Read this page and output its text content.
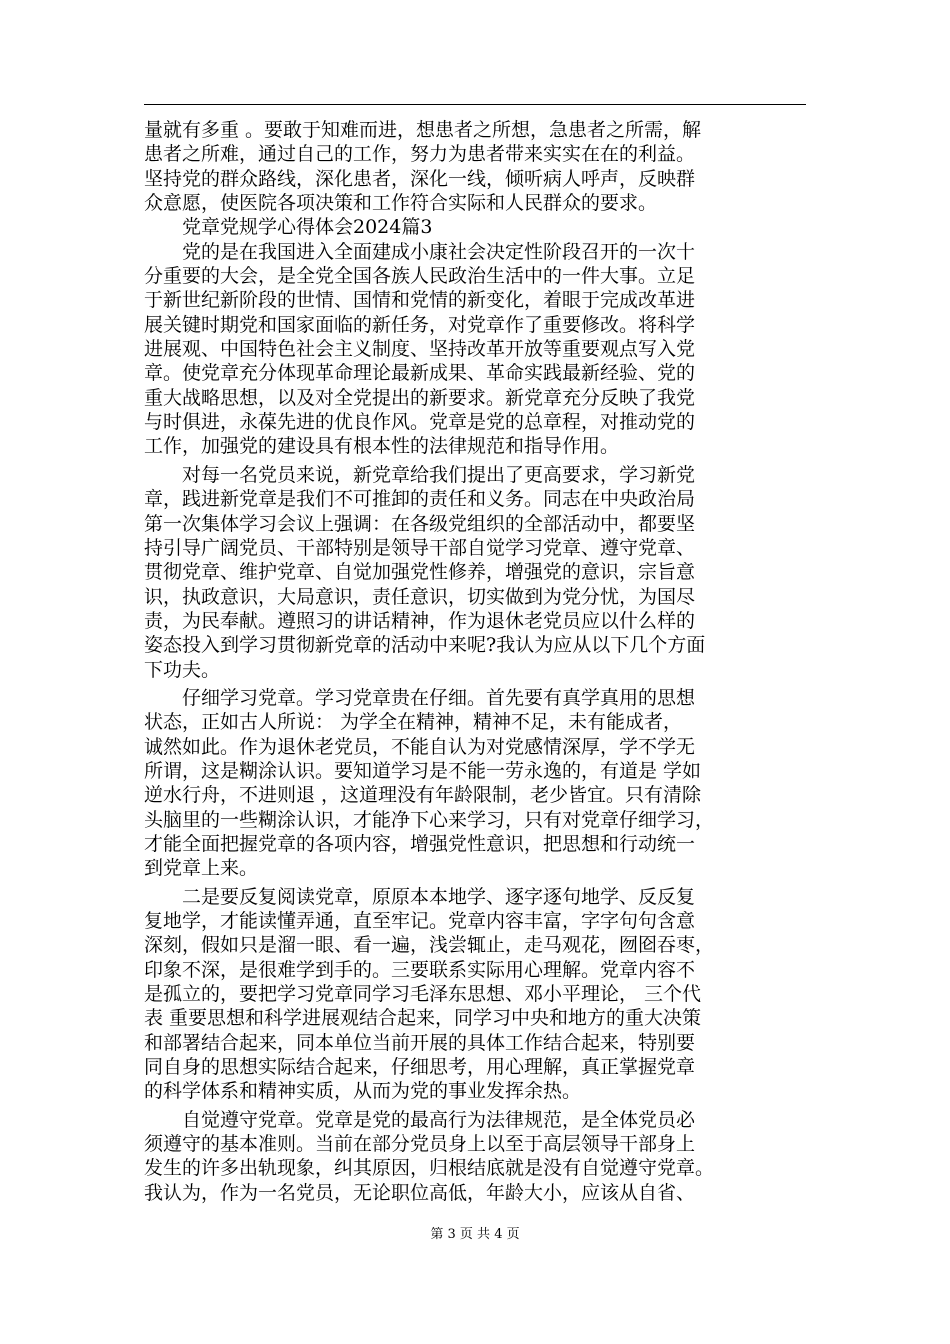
量就有多重 。要敢于知难而进，想患者之所想，急患者之所需，解
患者之所难，通过自己的工作，努力为患者带来实实在在的利益。
坚持党的群众路线，深化患者，深化一线，倾听病人呼声，反映群
众意愿，使医院各项决策和工作符合实际和人民群众的要求。
　　党章党规学心得体会2024篇3
　　党的是在我国进入全面建成小康社会决定性阶段召开的一次十
分重要的大会，是全党全国各族人民政治生活中的一件大事。立足
于新世纪新阶段的世情、国情和党情的新变化，着眼于完成改革进
展关键时期党和国家面临的新任务，对党章作了重要修改。将科学
进展观、中国特色社会主义制度、坚持改革开放等重要观点写入党
章。使党章充分体现革命理论最新成果、革命实践最新经验、党的
重大战略思想，以及对全党提出的新要求。新党章充分反映了我党
与时俱进，永葆先进的优良作风。党章是党的总章程，对推动党的
工作，加强党的建设具有根本性的法律规范和指导作用。
　　对每一名党员来说，新党章给我们提出了更高要求，学习新党
章，践进新党章是我们不可推卸的责任和义务。同志在中央政治局
第一次集体学习会议上强调：在各级党组织的全部活动中，都要坚
持引导广阔党员、干部特别是领导干部自觉学习党章、遵守党章、
贯彻党章、维护党章、自觉加强党性修养，增强党的意识，宗旨意
识，执政意识，大局意识，责任意识，切实做到为党分忧，为国尽
责，为民奉献。遵照习的讲话精神，作为退休老党员应以什么样的
姿态投入到学习贯彻新党章的活动中来呢?我认为应从以下几个方面
下功夫。
　　仔细学习党章。学习党章贵在仔细。首先要有真学真用的思想
状态，正如古人所说： 为学全在精神，精神不足，未有能成者，
诚然如此。作为退休老党员，不能自认为对党感情深厚，学不学无
所谓，这是糊涂认识。要知道学习是不能一劳永逸的，有道是 学如
逆水行舟，不进则退 ，这道理没有年龄限制，老少皆宜。只有清除
头脑里的一些糊涂认识，才能净下心来学习，只有对党章仔细学习，
才能全面把握党章的各项内容，增强党性意识，把思想和行动统一
到党章上来。
　　二是要反复阅读党章，原原本本地学、逐字逐句地学、反反复
复地学，才能读懂弄通，直至牢记。党章内容丰富，字字句句含意
深刻，假如只是溜一眼、看一遍，浅尝辄止，走马观花，囫囵吞枣，
印象不深，是很难学到手的。三要联系实际用心理解。党章内容不
是孤立的，要把学习党章同学习毛泽东思想、邓小平理论， 三个代
表 重要思想和科学进展观结合起来，同学习中央和地方的重大决策
和部署结合起来，同本单位当前开展的具体工作结合起来，特别要
同自身的思想实际结合起来，仔细思考，用心理解，真正掌握党章
的科学体系和精神实质，从而为党的事业发挥余热。
　　自觉遵守党章。党章是党的最高行为法律规范，是全体党员必
须遵守的基本准则。当前在部分党员身上以至于高层领导干部身上
发生的许多出轨现象，纠其原因，归根结底就是没有自觉遵守党章。
我认为，作为一名党员，无论职位高低，年龄大小，应该从自省、
第 3 页 共 4 页
